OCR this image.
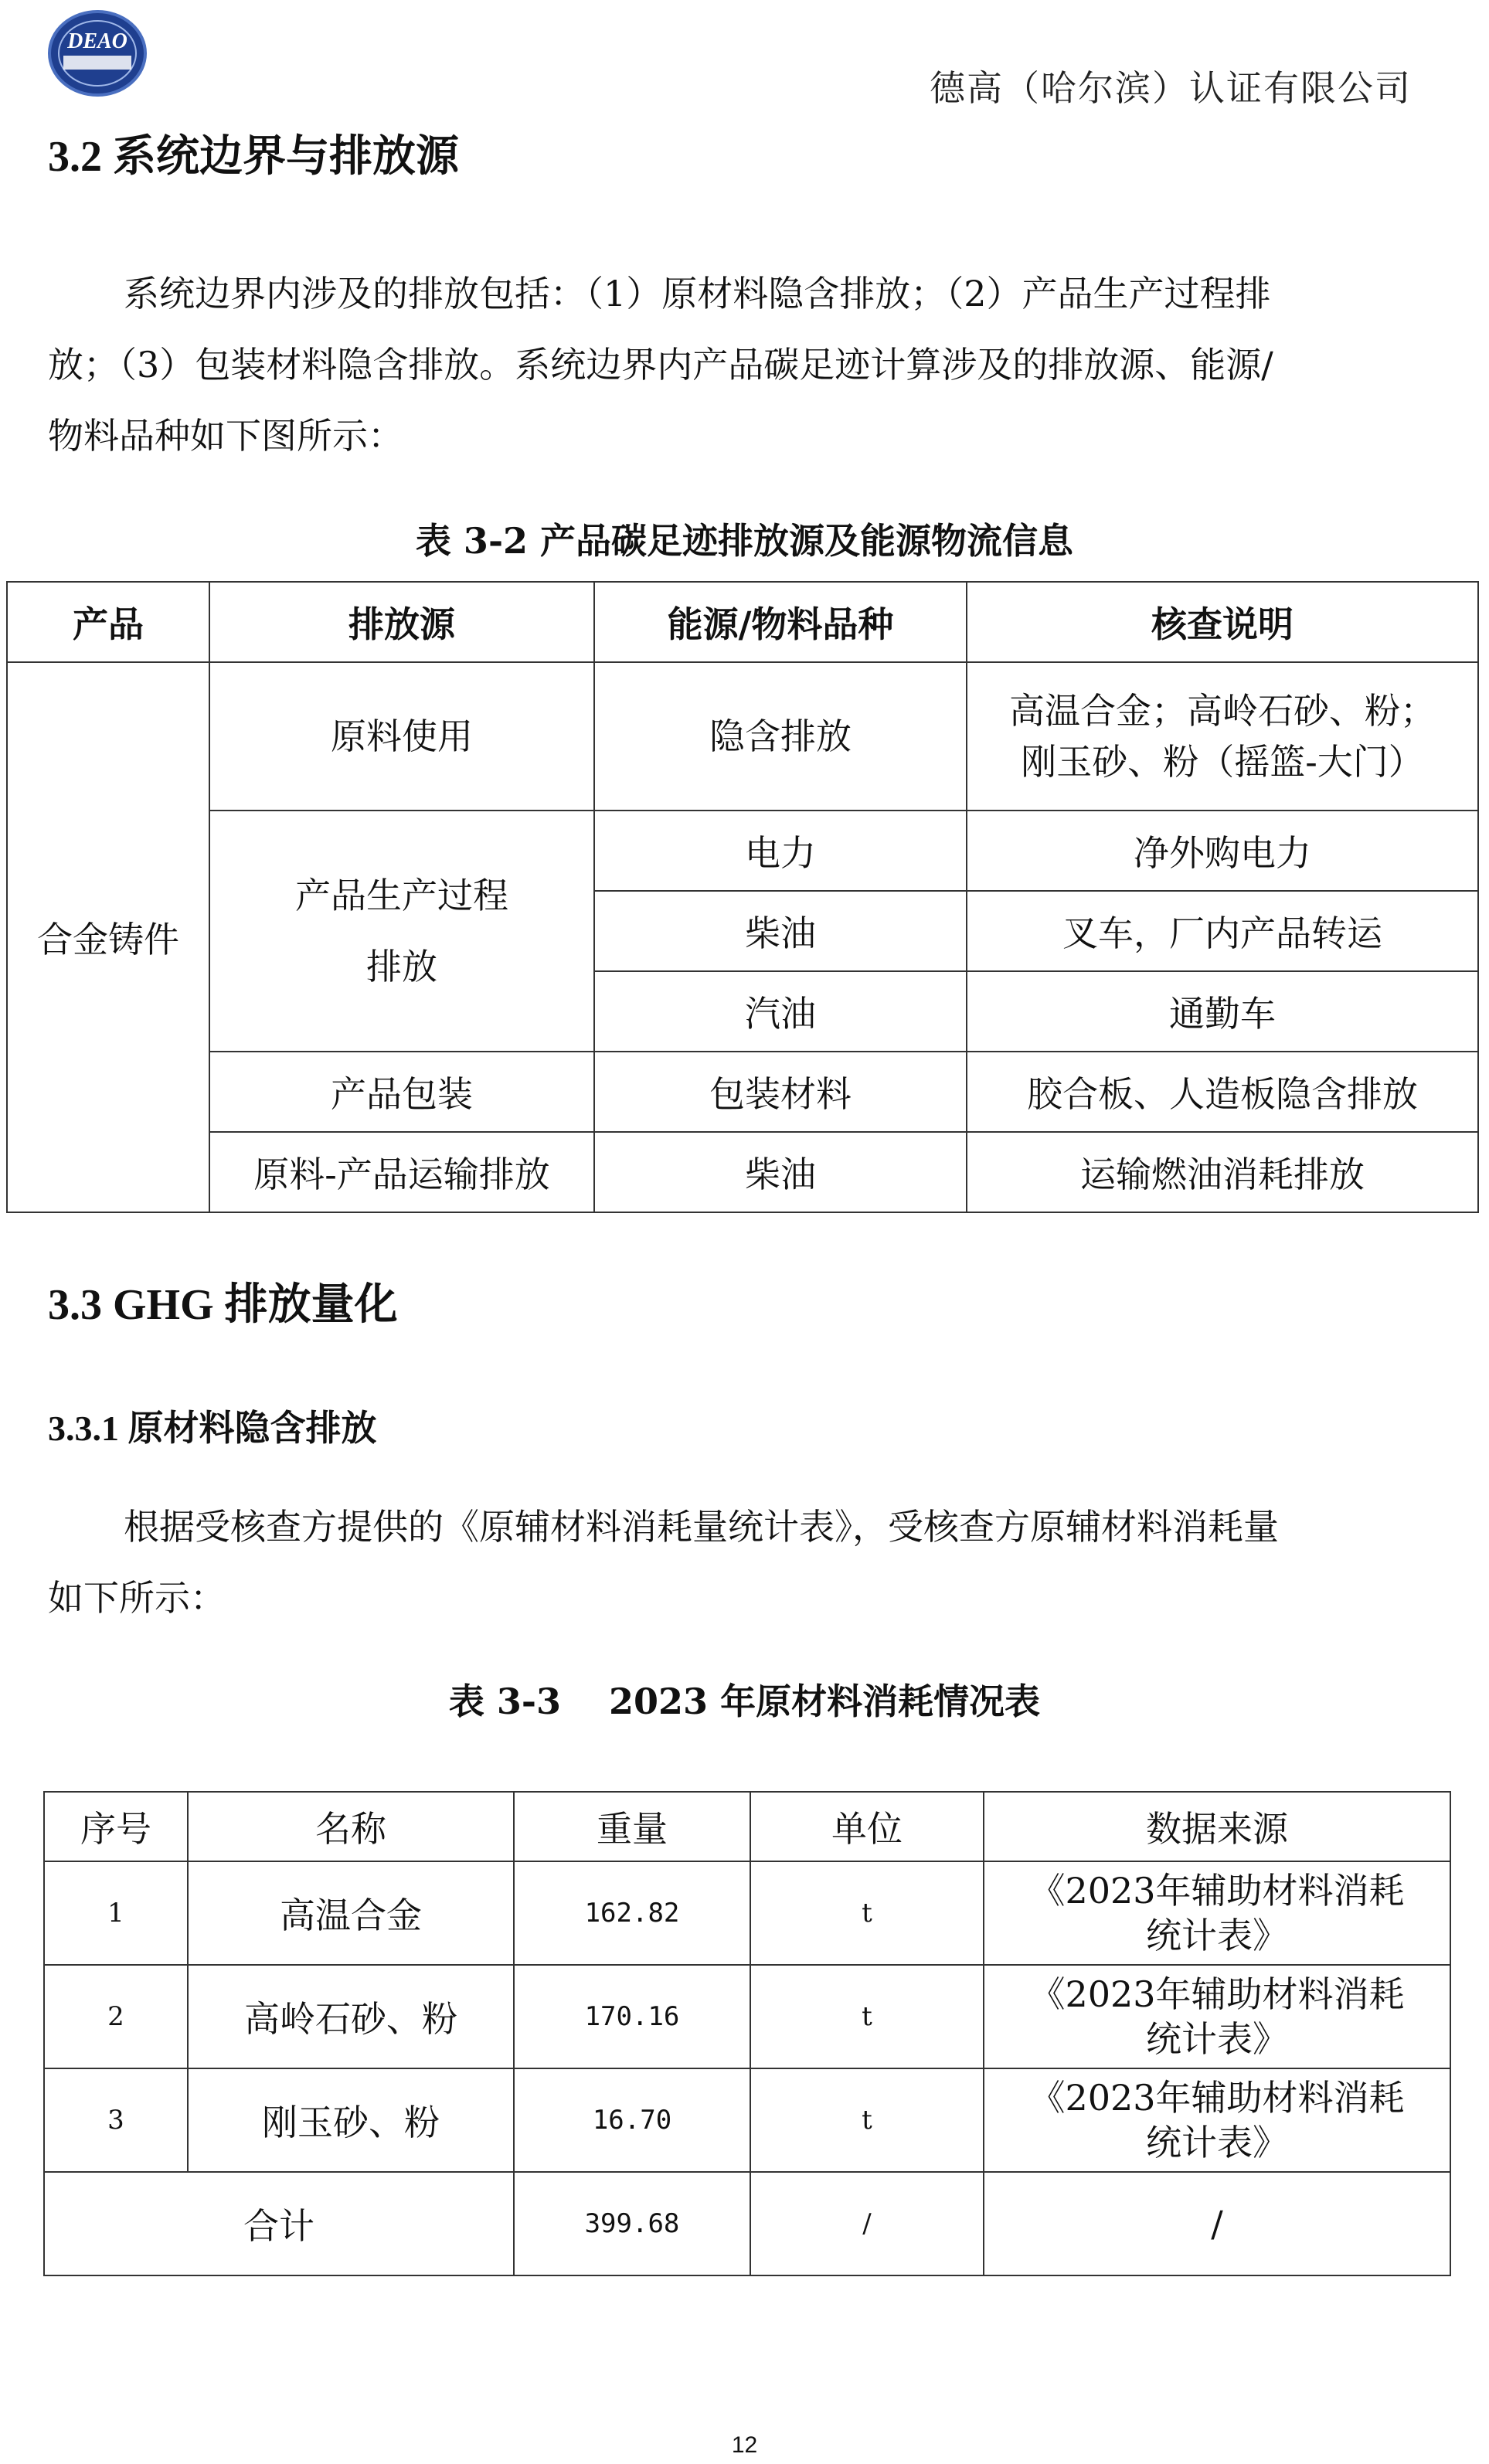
DEAO
德高（哈尔滨）认证有限公司
3.2 系统边界与排放源

系统边界内涉及的排放包括：（1）原材料隐含排放；（2）产品生产过程排

放；（3）包装材料隐含排放。系统边界内产品碳足迹计算涉及的排放源、能源/

物料品种如下图所示：

表 3-2 产品碳足迹排放源及能源物流信息

产品	排放源	能源/物料品种	核查说明
合金铸件	原料使用	隐含排放	高温合金；高岭石砂、粉；
刚玉砂、粉（摇篮-大门）

	产品生产过程
排放	电力	净外购电力
		柴油	叉车，厂内产品转运
		汽油	通勤车
	产品包装	包装材料	胶合板、人造板隐含排放
	原料-产品运输排放	柴油	运输燃油消耗排放
3.3 GHG 排放量化
3.3.1 原材料隐含排放

根据受核查方提供的《原辅材料消耗量统计表》，受核查方原辅材料消耗量

如下所示：

表 3-3　 2023 年原材料消耗情况表

序号	名称	重量	单位	数据来源
1	高温合金	162.82	t	《2023年辅助材料消耗
统计表》

2	高岭石砂、粉	170.16	t	《2023年辅助材料消耗
统计表》

3	刚玉砂、粉	16.70	t	《2023年辅助材料消耗
统计表》

合计		399.68	/	/
12
